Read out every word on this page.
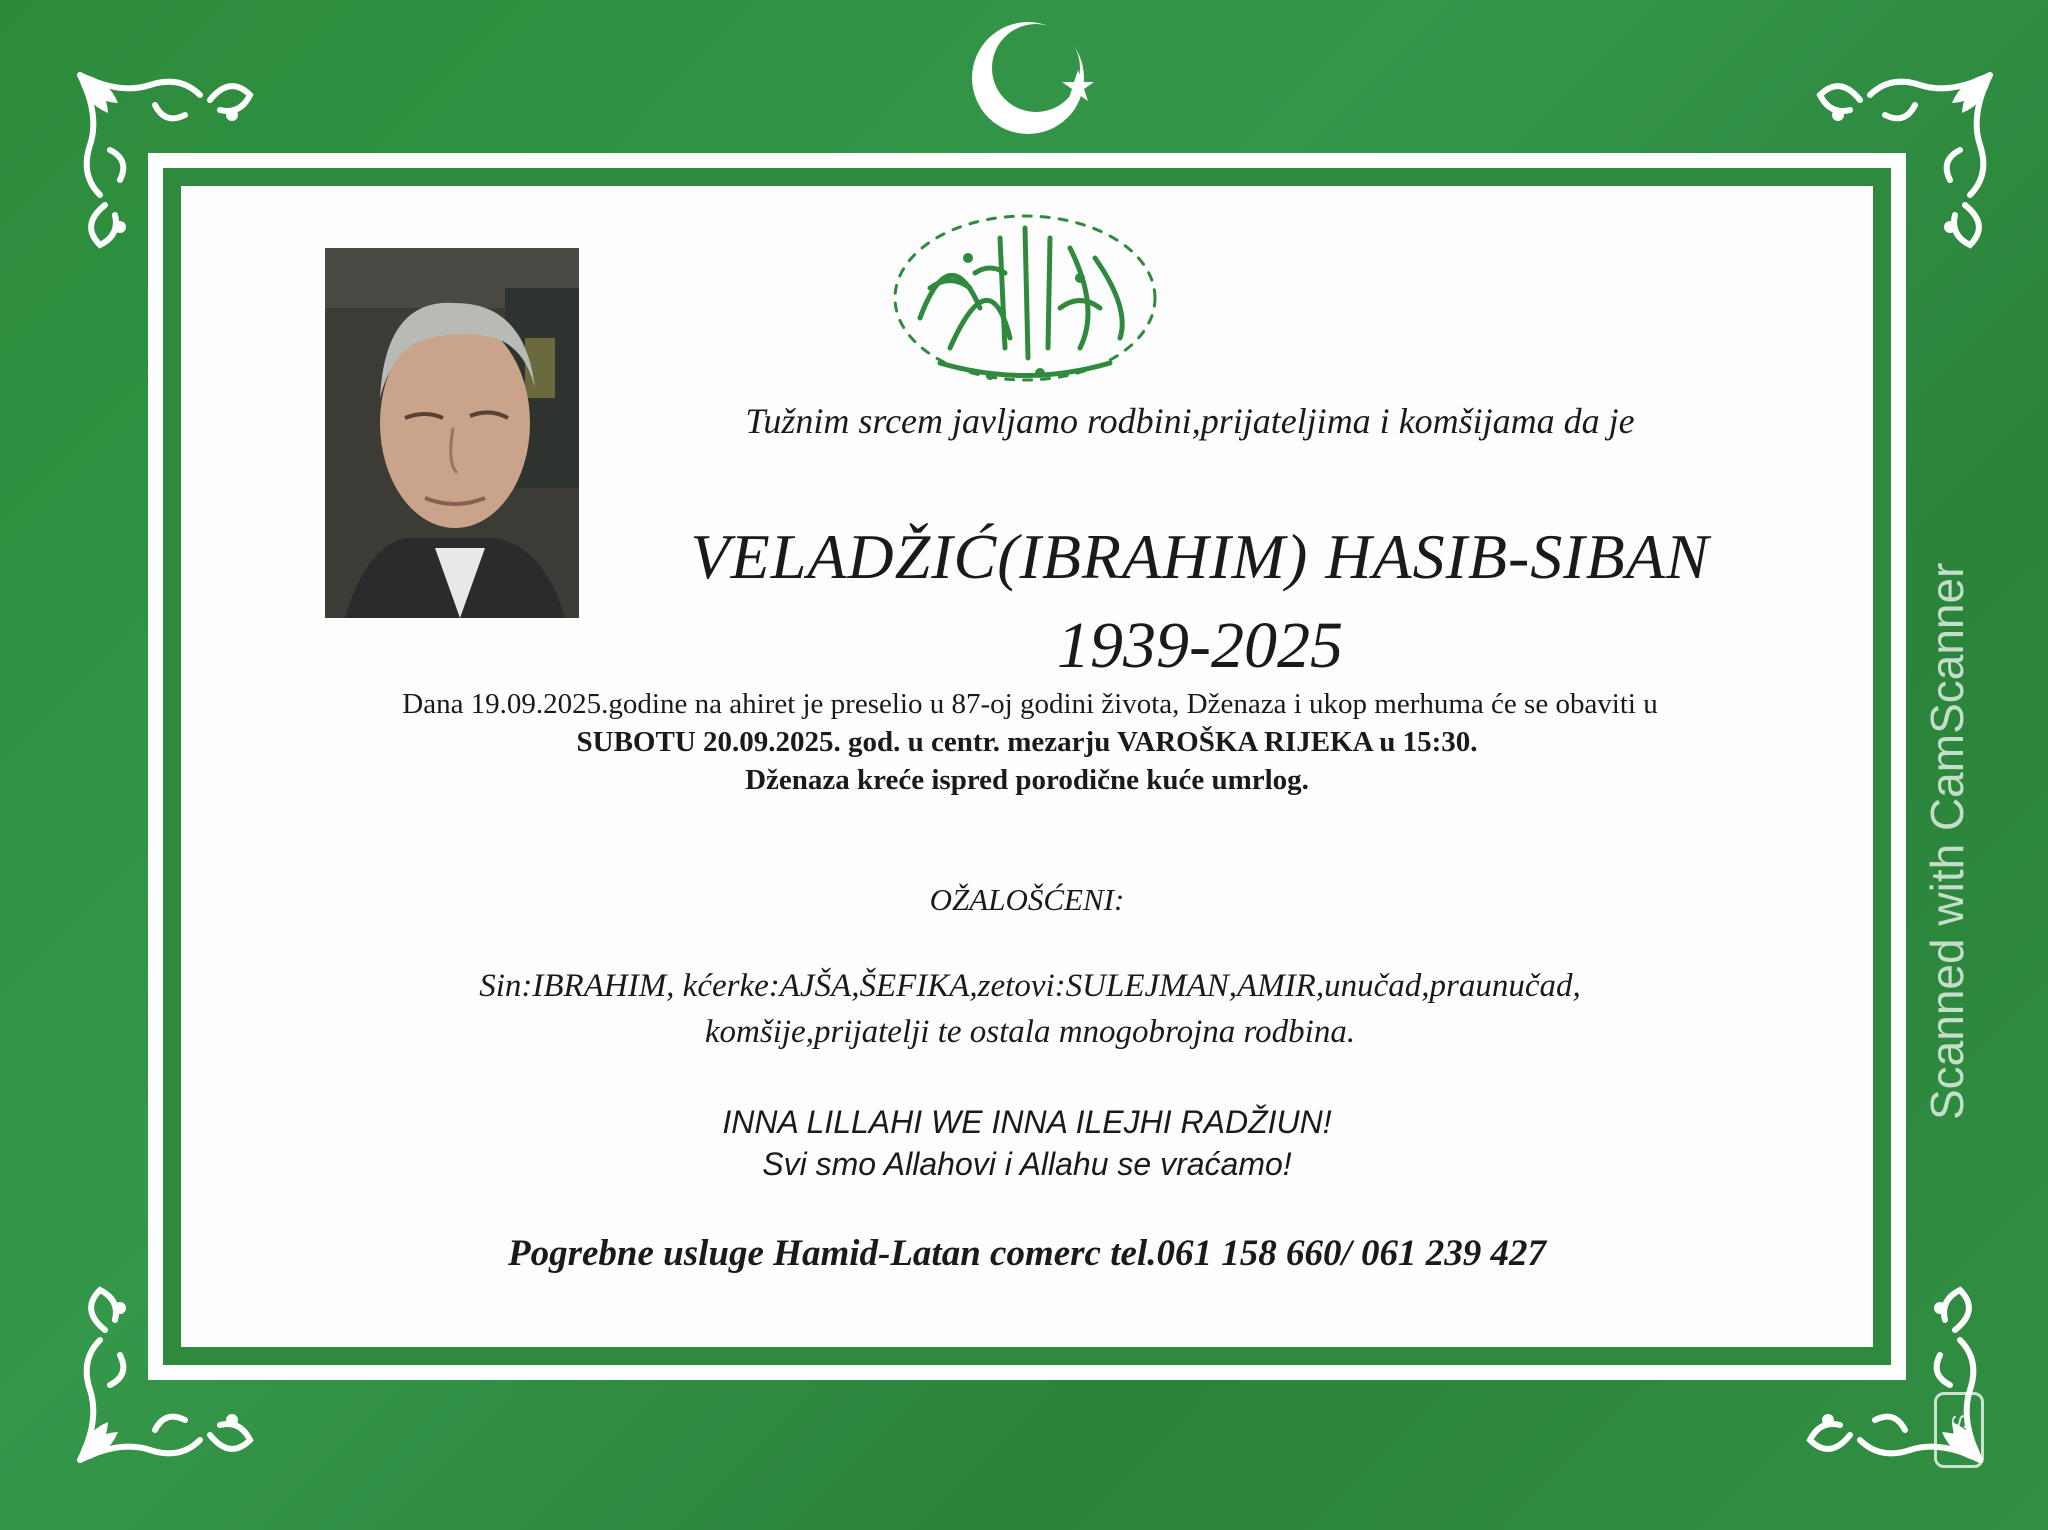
Tužnim srcem javljamo rodbini,prijateljima i komšijama da je
VELADŽIĆ(IBRAHIM) HASIB-SIBAN
1939-2025
Dana 19.09.2025.godine na ahiret je preselio u 87-oj godini života, Dženaza i ukop merhuma će se obaviti u
SUBOTU 20.09.2025. god. u centr. mezarju VAROŠKA RIJEKA u 15:30.
Dženaza kreće ispred porodične kuće umrlog.
OŽALOŠĆENI:
Sin:IBRAHIM, kćerke:AJŠA,ŠEFIKA,zetovi:SULEJMAN,AMIR,unučad,praunučad,
komšije,prijatelji te ostala mnogobrojna rodbina.
INNA LILLAHI WE INNA ILEJHI RADŽIUN!
Svi smo Allahovi i Allahu se vraćamo!
Pogrebne usluge Hamid-Latan comerc tel.061 158 660/ 061 239 427
Scanned with CamScanner
CS
